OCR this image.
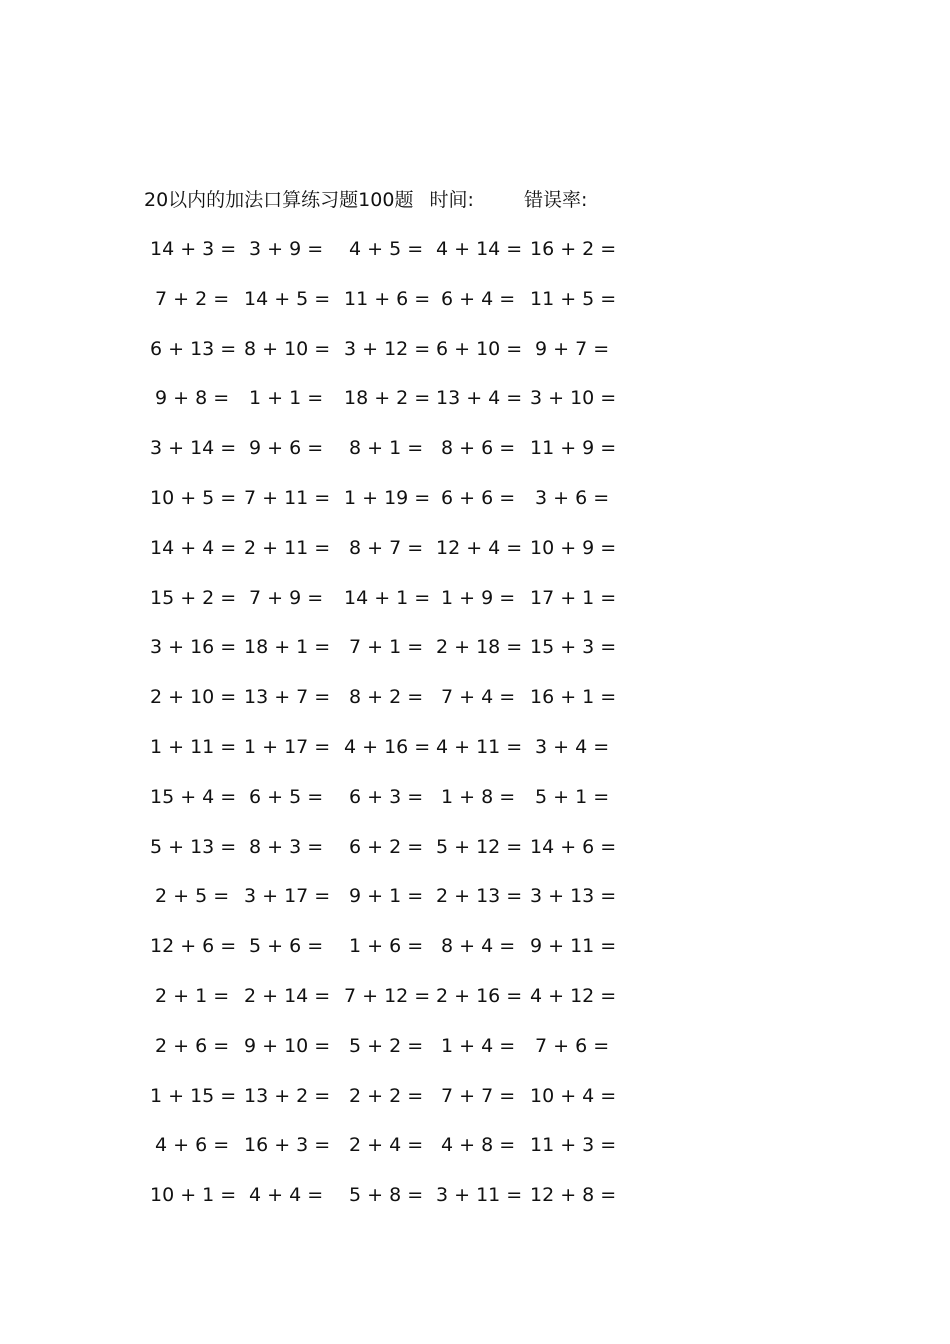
20以内的加法口算练习题100题 时间:	错误率:
14 + 3 = 3 + 9 = 4 + 5 = 4 + 14 = 16 + 2 =
7 + 2 = 14 + 5 = 11 + 6 = 6 + 4 = 11 + 5 =
6 + 13 = 8 + 10 = 3 + 12 = 6 + 10 = 9 + 7 =
9 + 8 = 1 + 1 = 18 + 2 = 13 + 4 = 3 + 10 =
3 + 14 = 9 + 6 = 8 + 1 = 8 + 6 = 11 + 9 =
10 + 5 = 7 + 11 = 1 + 19 = 6 + 6 = 3 + 6 =
14 + 4 = 2 + 11 = 8 + 7 = 12 + 4 = 10 + 9 =
15 + 2 = 7 + 9 = 14 + 1 = 1 + 9 = 17 + 1 =
3 + 16 = 18 + 1 = 7 + 1 = 2 + 18 = 15 + 3 =
2 + 10 = 13 + 7 = 8 + 2 = 7 + 4 = 16 + 1 =
1 + 11 = 1 + 17 = 4 + 16 = 4 + 11 = 3 + 4 =
15 + 4 = 6 + 5 = 6 + 3 = 1 + 8 = 5 + 1 =
5 + 13 = 8 + 3 = 6 + 2 = 5 + 12 = 14 + 6 =
2 + 5 = 3 + 17 = 9 + 1 = 2 + 13 = 3 + 13 =
12 + 6 = 5 + 6 = 1 + 6 = 8 + 4 = 9 + 11 =
2 + 1 = 2 + 14 = 7 + 12 = 2 + 16 = 4 + 12 =
2 + 6 = 9 + 10 = 5 + 2 = 1 + 4 = 7 + 6 =
1 + 15 = 13 + 2 = 2 + 2 = 7 + 7 = 10 + 4 =
4 + 6 = 16 + 3 = 2 + 4 = 4 + 8 = 11 + 3 =
10 + 1 = 4 + 4 = 5 + 8 = 3 + 11 = 12 + 8 =
